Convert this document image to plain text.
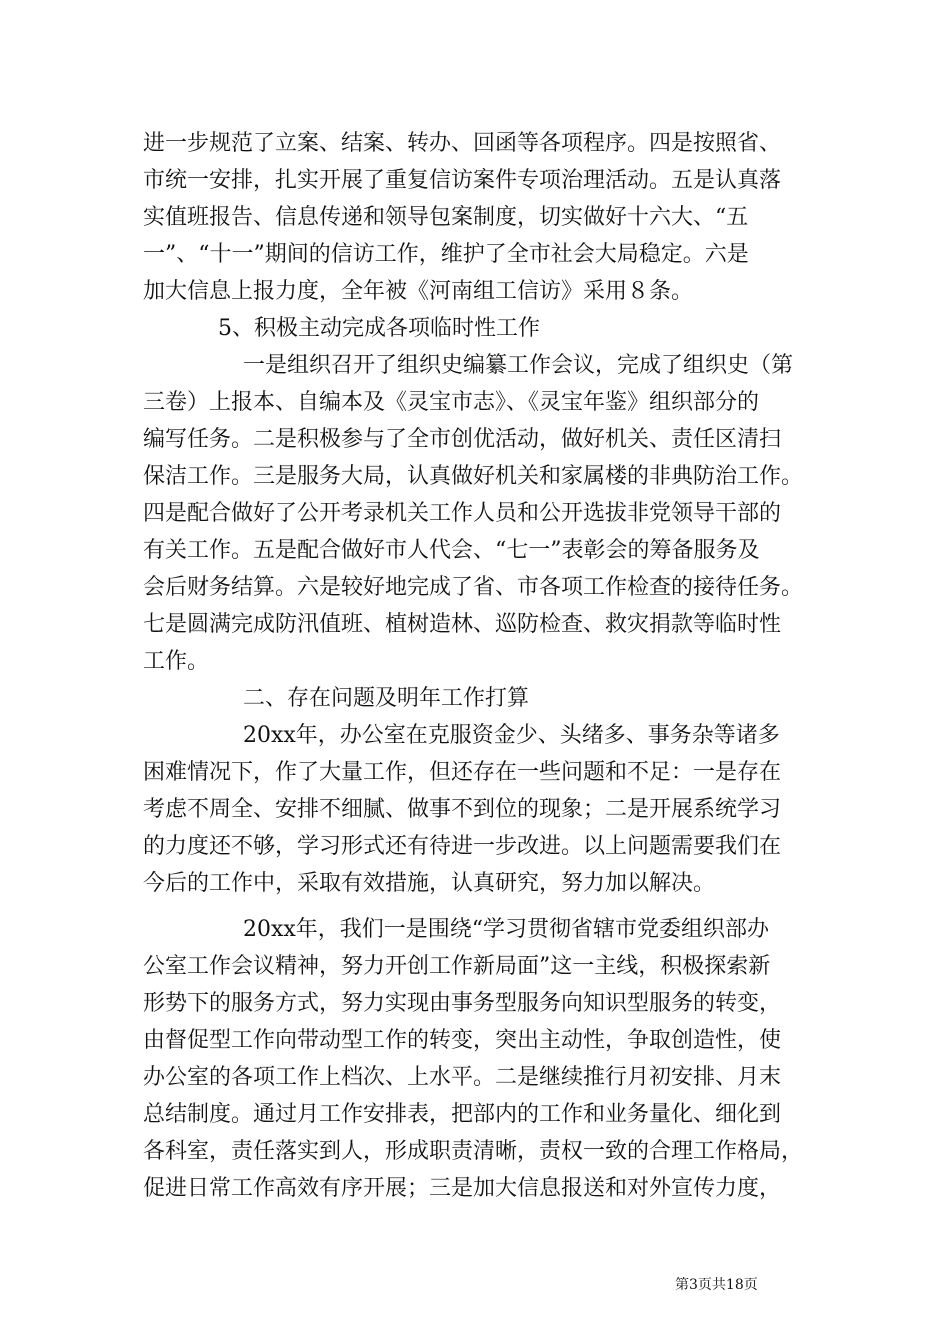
进一步规范了立案、结案、转办、回函等各项程序。四是按照省、
市统一安排，扎实开展了重复信访案件专项治理活动。五是认真落
实值班报告、信息传递和领导包案制度，切实做好十六大、“五
一”、“十一”期间的信访工作，维护了全市社会大局稳定。六是
加大信息上报力度，全年被《河南组工信访》采用８条。
5、积极主动完成各项临时性工作
一是组织召开了组织史编纂工作会议，完成了组织史（第
三卷）上报本、自编本及《灵宝市志》、《灵宝年鉴》组织部分的
编写任务。二是积极参与了全市创优活动，做好机关、责任区清扫
保洁工作。三是服务大局，认真做好机关和家属楼的非典防治工作。
四是配合做好了公开考录机关工作人员和公开选拔非党领导干部的
有关工作。五是配合做好市人代会、“七一”表彰会的筹备服务及
会后财务结算。六是较好地完成了省、市各项工作检查的接待任务。
七是圆满完成防汛值班、植树造林、巡防检查、救灾捐款等临时性
工作。
二、存在问题及明年工作打算
20xx年，办公室在克服资金少、头绪多、事务杂等诸多
困难情况下，作了大量工作，但还存在一些问题和不足：一是存在
考虑不周全、安排不细腻、做事不到位的现象；二是开展系统学习
的力度还不够，学习形式还有待进一步改进。以上问题需要我们在
今后的工作中，采取有效措施，认真研究，努力加以解决。
20xx年，我们一是围绕“学习贯彻省辖市党委组织部办
公室工作会议精神，努力开创工作新局面”这一主线，积极探索新
形势下的服务方式，努力实现由事务型服务向知识型服务的转变，
由督促型工作向带动型工作的转变，突出主动性，争取创造性，使
办公室的各项工作上档次、上水平。二是继续推行月初安排、月末
总结制度。通过月工作安排表，把部内的工作和业务量化、细化到
各科室，责任落实到人，形成职责清晰，责权一致的合理工作格局，
促进日常工作高效有序开展；三是加大信息报送和对外宣传力度，
第3页共18页
